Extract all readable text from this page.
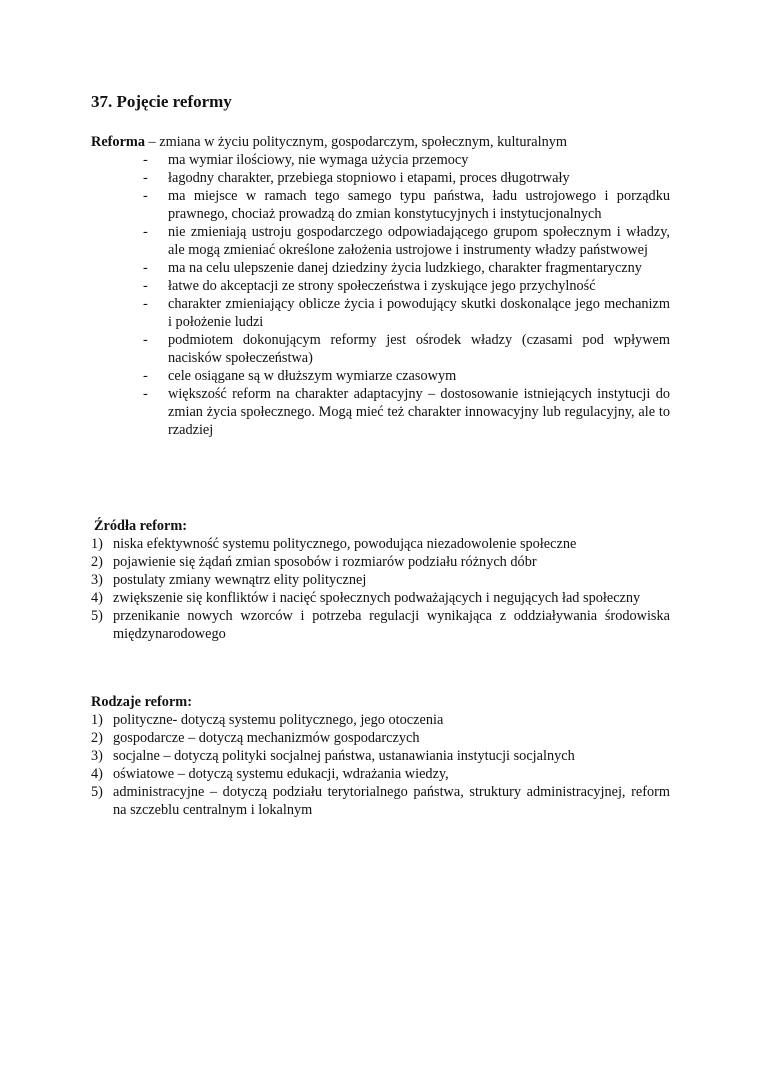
37. Pojęcie reformy
Reforma – zmiana w życiu politycznym, gospodarczym, społecznym, kulturalnym
- ma wymiar ilościowy, nie wymaga użycia przemocy
- łagodny charakter, przebiega stopniowo i etapami, proces długotrwały
- ma miejsce w ramach tego samego typu państwa, ładu ustrojowego i porządku prawnego, chociaż prowadzą do zmian konstytucyjnych i instytucjonalnych
- nie zmieniają ustroju gospodarczego odpowiadającego grupom społecznym i władzy, ale mogą zmieniać określone założenia ustrojowe i instrumenty władzy państwowej
- ma na celu ulepszenie danej dziedziny życia ludzkiego, charakter fragmentaryczny
- łatwe do akceptacji ze strony społeczeństwa i zyskujące jego przychylność
- charakter zmieniający oblicze życia i powodujący skutki doskonalące jego mechanizm i położenie ludzi
- podmiotem dokonującym reformy jest ośrodek władzy (czasami pod wpływem nacisków społeczeństwa)
- cele osiągane są w dłuższym wymiarze czasowym
- większość reform na charakter adaptacyjny – dostosowanie istniejących instytucji do zmian życia społecznego. Mogą mieć też charakter innowacyjny lub regulacyjny, ale to rzadziej
Źródła reform:
1) niska efektywność systemu politycznego, powodująca niezadowolenie społeczne
2) pojawienie się żądań zmian sposobów i rozmiarów podziału różnych dóbr
3) postulaty zmiany wewnątrz elity politycznej
4) zwiększenie się konfliktów i nacięć społecznych podważających i negujących ład społeczny
5) przenikanie nowych wzorców i potrzeba regulacji wynikająca z oddziaływania środowiska międzynarodowego
Rodzaje reform:
1) polityczne- dotyczą systemu politycznego, jego otoczenia
2) gospodarcze – dotyczą mechanizmów gospodarczych
3) socjalne – dotyczą polityki socjalnej państwa, ustanawiania instytucji socjalnych
4) oświatowe – dotyczą systemu edukacji, wdrażania wiedzy,
5) administracyjne – dotyczą podziału terytorialnego państwa, struktury administracyjnej, reform na szczeblu centralnym i lokalnym
